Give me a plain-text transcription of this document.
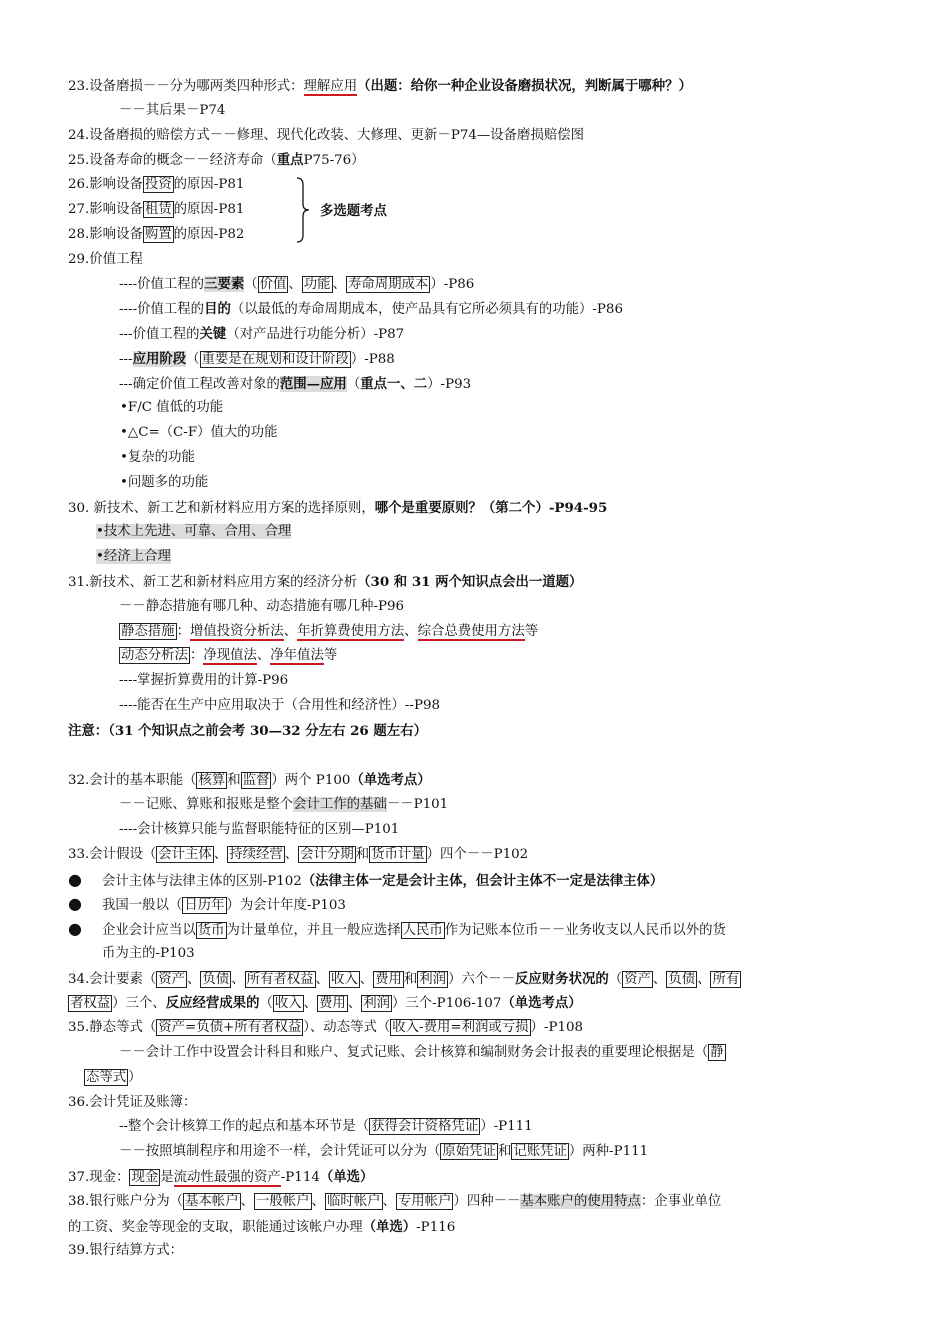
23.设备磨损－－分为哪两类四种形式：理解应用（出题：给你一种企业设备磨损状况，判断属于哪种？）
－－其后果－P74
24.设备磨损的赔偿方式－－修理、现代化改装、大修理、更新－P74—设备磨损赔偿图
25.设备寿命的概念－－经济寿命（重点P75-76）
26.影响设备 投资 的原因-P81
27.影响设备 租赁 的原因-P81
28.影响设备 购置 的原因-P82
多选题考点
29.价值工程
----价值工程的三要素（ 价值 、 功能 、 寿命周期成本 ）-P86
----价值工程的目的（以最低的寿命周期成本，使产品具有它所必须具有的功能）-P86
---价值工程的关键（对产品进行功能分析）-P87
---应用阶段（ 重要是在规划和设计阶段 ）-P88
---确定价值工程改善对象的范围—应用（重点一、二）-P93
•F/C 值低的功能
•△C=（C-F）值大的功能
•复杂的功能
•问题多的功能
30. 新技术、新工艺和新材料应用方案的选择原则，哪个是重要原则？（第二个）-P94-95
•技术上先进、可靠、合用、合理
•经济上合理
31.新技术、新工艺和新材料应用方案的经济分析（30 和 31 两个知识点会出一道题）
－－静态措施有哪几种、动态措施有哪几种-P96
静态措施 ：增值投资分析法、年折算费使用方法、综合总费使用方法等
动态分析法 ：净现值法、净年值法等
----掌握折算费用的计算-P96
----能否在生产中应用取决于（合用性和经济性）--P98
注意：（31 个知识点之前会考 30—32 分左右 26 题左右）
32.会计的基本职能（ 核算 和 监督 ）两个 P100（单选考点）
－－记账、算账和报账是整个会计工作的基础－－P101
----会计核算只能与监督职能特征的区别—P101
33.会计假设（ 会计主体 、 持续经营 、 会计分期 和 货币计量 ）四个－－P102
● 会计主体与法律主体的区别-P102（法律主体一定是会计主体，但会计主体不一定是法律主体）
● 我国一般以（ 日历年 ）为会计年度-P103
● 企业会计应当以 货币 为计量单位，并且一般应选择 人民币 作为记账本位币－－业务收支以人民币以外的货
币为主的-P103
34.会计要素（ 资产 、 负债 、 所有者权益 、 收入 、 费用 和 利润 ）六个－－反应财务状况的（ 资产 、 负债 、 所有
者权益 ）三个、反应经营成果的（ 收入 、 费用 、 利润 ）三个-P106-107（单选考点）
35.静态等式（ 资产=负债+所有者权益 ）、动态等式（ 收入-费用=利润或亏损 ）-P108
－－会计工作中设置会计科目和账户、复式记账、会计核算和编制财务会计报表的重要理论根据是（ 静
态等式 ）
36.会计凭证及账簿：
--整个会计核算工作的起点和基本环节是（ 获得会计资格凭证 ）-P111
－－按照填制程序和用途不一样，会计凭证可以分为（ 原始凭证 和 记账凭证 ）两种-P111
37.现金： 现金 是流动性最强的资产-P114（单选）
38.银行账户分为（ 基本帐户 、 一般帐户 、 临时帐户 、 专用帐户 ）四种－－基本账户的使用特点：企事业单位
的工资、奖金等现金的支取，职能通过该帐户办理（单选）-P116
39.银行结算方式：
